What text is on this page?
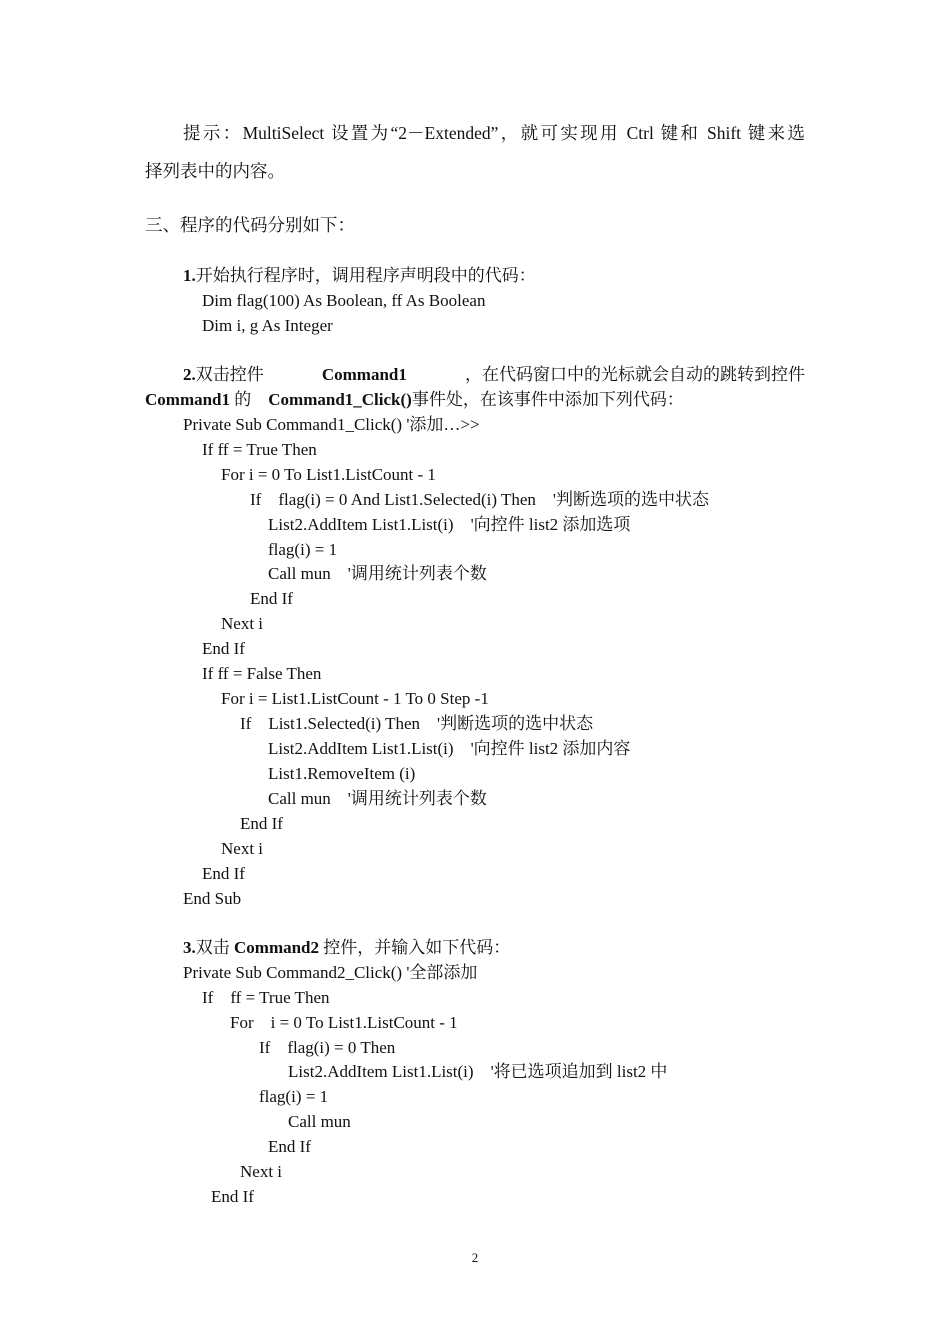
提示：MultiSelect 设置为“2－Extended”，就可实现用 Ctrl 键和 Shift 键来选
择列表中的内容。
三、程序的代码分别如下：
1.开始执行程序时，调用程序声明段中的代码：
Dim flag(100) As Boolean, ff As Boolean
Dim i, g As Integer
2.双击控件	Command1	，在代码窗口中的光标就会自动的跳转到控件
Command1 的 Command1_Click()事件处，在该事件中添加下列代码：
Private Sub Command1_Click() '添加…>>
If ff = True Then
For i = 0 To List1.ListCount - 1
If    flag(i) = 0 And List1.Selected(i) Then    '判断选项的选中状态
List2.AddItem List1.List(i)    '向控件 list2 添加选项
flag(i) = 1
Call mun    '调用统计列表个数
End If
Next i
End If
If ff = False Then
For i = List1.ListCount - 1 To 0 Step -1
If    List1.Selected(i) Then    '判断选项的选中状态
List2.AddItem List1.List(i)    '向控件 list2 添加内容
List1.RemoveItem (i)
Call mun    '调用统计列表个数
End If
Next i
End If
End Sub
3.双击 Command2 控件，并输入如下代码：
Private Sub Command2_Click() '全部添加
If    ff = True Then
For    i = 0 To List1.ListCount - 1
If    flag(i) = 0 Then
List2.AddItem List1.List(i)    '将已选项追加到 list2 中
flag(i) = 1
Call mun
End If
Next i
End If
2
